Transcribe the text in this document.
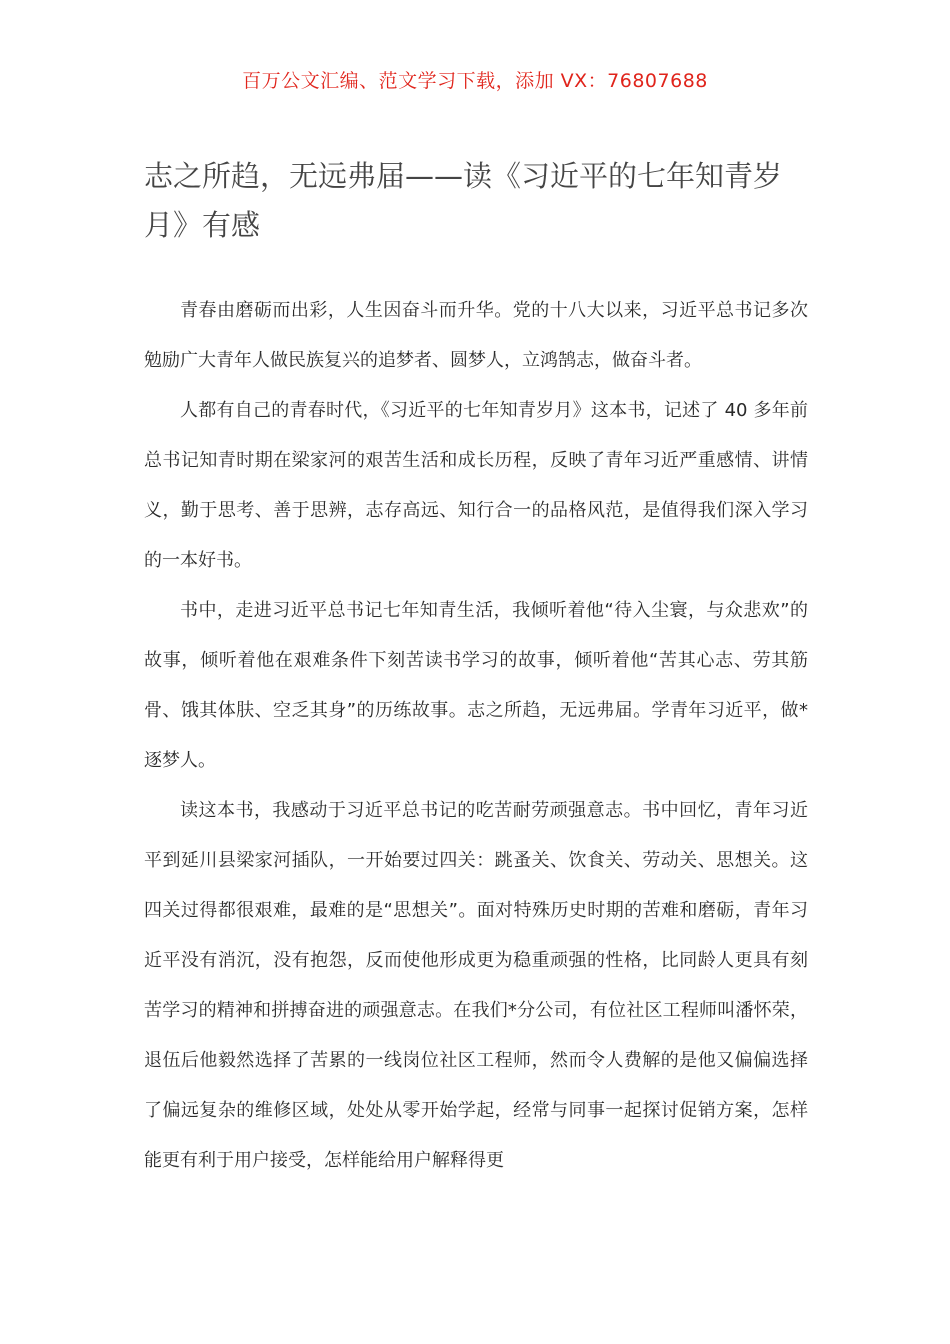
百万公文汇编、范文学习下载，添加 VX：76807688
志之所趋，无远弗届——读《习近平的七年知青岁月》有感

青春由磨砺而出彩，人生因奋斗而升华。党的十八大以来，习近平总书记多次勉励广大青年人做民族复兴的追梦者、圆梦人，立鸿鹄志，做奋斗者。

人都有自己的青春时代，《习近平的七年知青岁月》这本书，记述了 40 多年前总书记知青时期在梁家河的艰苦生活和成长历程，反映了青年习近严重感情、讲情义，勤于思考、善于思辨，志存高远、知行合一的品格风范，是值得我们深入学习的一本好书。

书中，走进习近平总书记七年知青生活，我倾听着他“待入尘寰，与众悲欢”的故事，倾听着他在艰难条件下刻苦读书学习的故事，倾听着他“苦其心志、劳其筋骨、饿其体肤、空乏其身”的历练故事。志之所趋，无远弗届。学青年习近平，做*逐梦人。

读这本书，我感动于习近平总书记的吃苦耐劳顽强意志。书中回忆，青年习近平到延川县梁家河插队，一开始要过四关：跳蚤关、饮食关、劳动关、思想关。这四关过得都很艰难，最难的是“思想关”。面对特殊历史时期的苦难和磨砺，青年习近平没有消沉，没有抱怨，反而使他形成更为稳重顽强的性格，比同龄人更具有刻苦学习的精神和拼搏奋进的顽强意志。在我们*分公司，有位社区工程师叫潘怀荣，退伍后他毅然选择了苦累的一线岗位社区工程师，然而令人费解的是他又偏偏选择了偏远复杂的维修区域，处处从零开始学起，经常与同事一起探讨促销方案，怎样能更有利于用户接受，怎样能给用户解释得更
